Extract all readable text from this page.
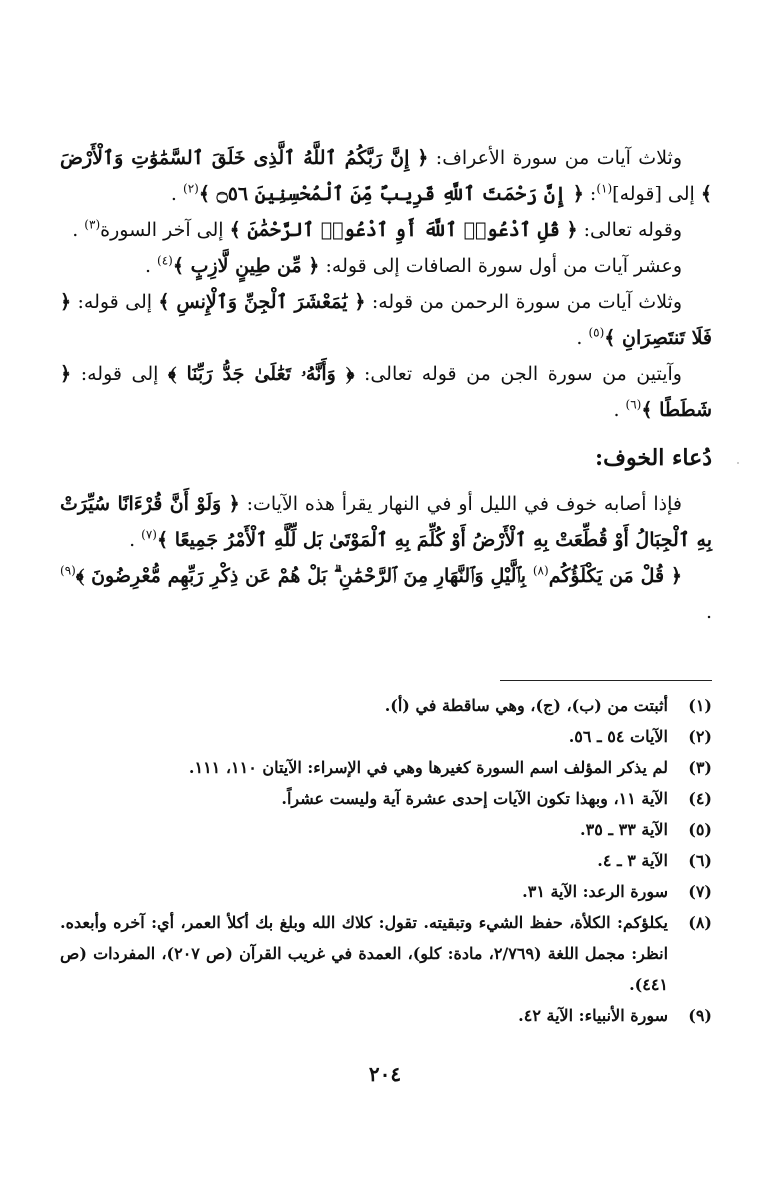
وثلاث آيات من سورة الأعراف: ﴿ إِنَّ رَبَّكُمُ ٱللَّهُ ٱلَّذِى خَلَقَ ٱلسَّمَٰوَٰتِ وَٱلْأَرْضَ ﴾ إلى [قوله]$^{(١)}$: ﴿ إِنَّ رَحْمَتَ ٱللَّهِ قَرِيبٌ مِّنَ ٱلْمُحْسِنِينَ ۝٥٦ ﴾$^{(٢)}$ .

وقوله تعالى: ﴿ قُلِ ٱدْعُوا۟ ٱللَّهَ أَوِ ٱدْعُوا۟ ٱلرَّحْمَٰنَ ﴾ إلى آخر السورة$^{(٣)}$ .

وعشر آيات من أول سورة الصافات إلى قوله: ﴿ مِّن طِينٍ لَّازِبٍ ﴾$^{(٤)}$ .

وثلاث آيات من سورة الرحمن من قوله: ﴿ يَٰمَعْشَرَ ٱلْجِنِّ وَٱلْإِنسِ ﴾ إلى قوله: ﴿ فَلَا تَنتَصِرَانِ ﴾$^{(٥)}$ .

وآيتين من سورة الجن من قوله تعالى: ﴿ وَأَنَّهُۥ تَعَٰلَىٰ جَدُّ رَبِّنَا ﴾ إلى قوله: ﴿ شَطَطًا ﴾$^{(٦)}$ .

دُعاء الخوف:

فإذا أصابه خوف في الليل أو في النهار يقرأ هذه الآيات: ﴿ وَلَوْ أَنَّ قُرْءَانًا سُيِّرَتْ بِهِ ٱلْجِبَالُ أَوْ قُطِّعَتْ بِهِ ٱلْأَرْضُ أَوْ كُلِّمَ بِهِ ٱلْمَوْتَىٰ بَل لِّلَّهِ ٱلْأَمْرُ جَمِيعًا ﴾$^{(٧)}$ .

﴿ قُلْ مَن يَكْلَؤُكُم$^{(٨)}$ بِٱلَّيْلِ وَٱلنَّهَارِ مِنَ ٱلرَّحْمَٰنِ ۗ بَلْ هُمْ عَن ذِكْرِ رَبِّهِم مُّعْرِضُونَ ﴾$^{(٩)}$ .

(١)
أثبتت من (ب)، (ج)، وهي ساقطة في (أ).
(٢)
الآيات ٥٤ ـ ٥٦.
(٣)
لم يذكر المؤلف اسم السورة كغيرها وهي في الإسراء: الآيتان ١١٠، ١١١.
(٤)
الآية ١١، وبهذا تكون الآيات إحدى عشرة آية وليست عشراً.
(٥)
الآية ٣٣ ـ ٣٥.
(٦)
الآية ٣ ـ ٤.
(٧)
سورة الرعد: الآية ٣١.
(٨)
يكلؤكم: الكلأة، حفظ الشيء وتبقيته. تقول: كلاك الله وبلغ بك أكلأ العمر، أي: آخره وأبعده. انظر: مجمل اللغة (٢/٧٦٩، مادة: كلو)، العمدة في غريب القرآن (ص ٢٠٧)، المفردات (ص ٤٤١).
(٩)
سورة الأنبياء: الآية ٤٢.
٢٠٤
